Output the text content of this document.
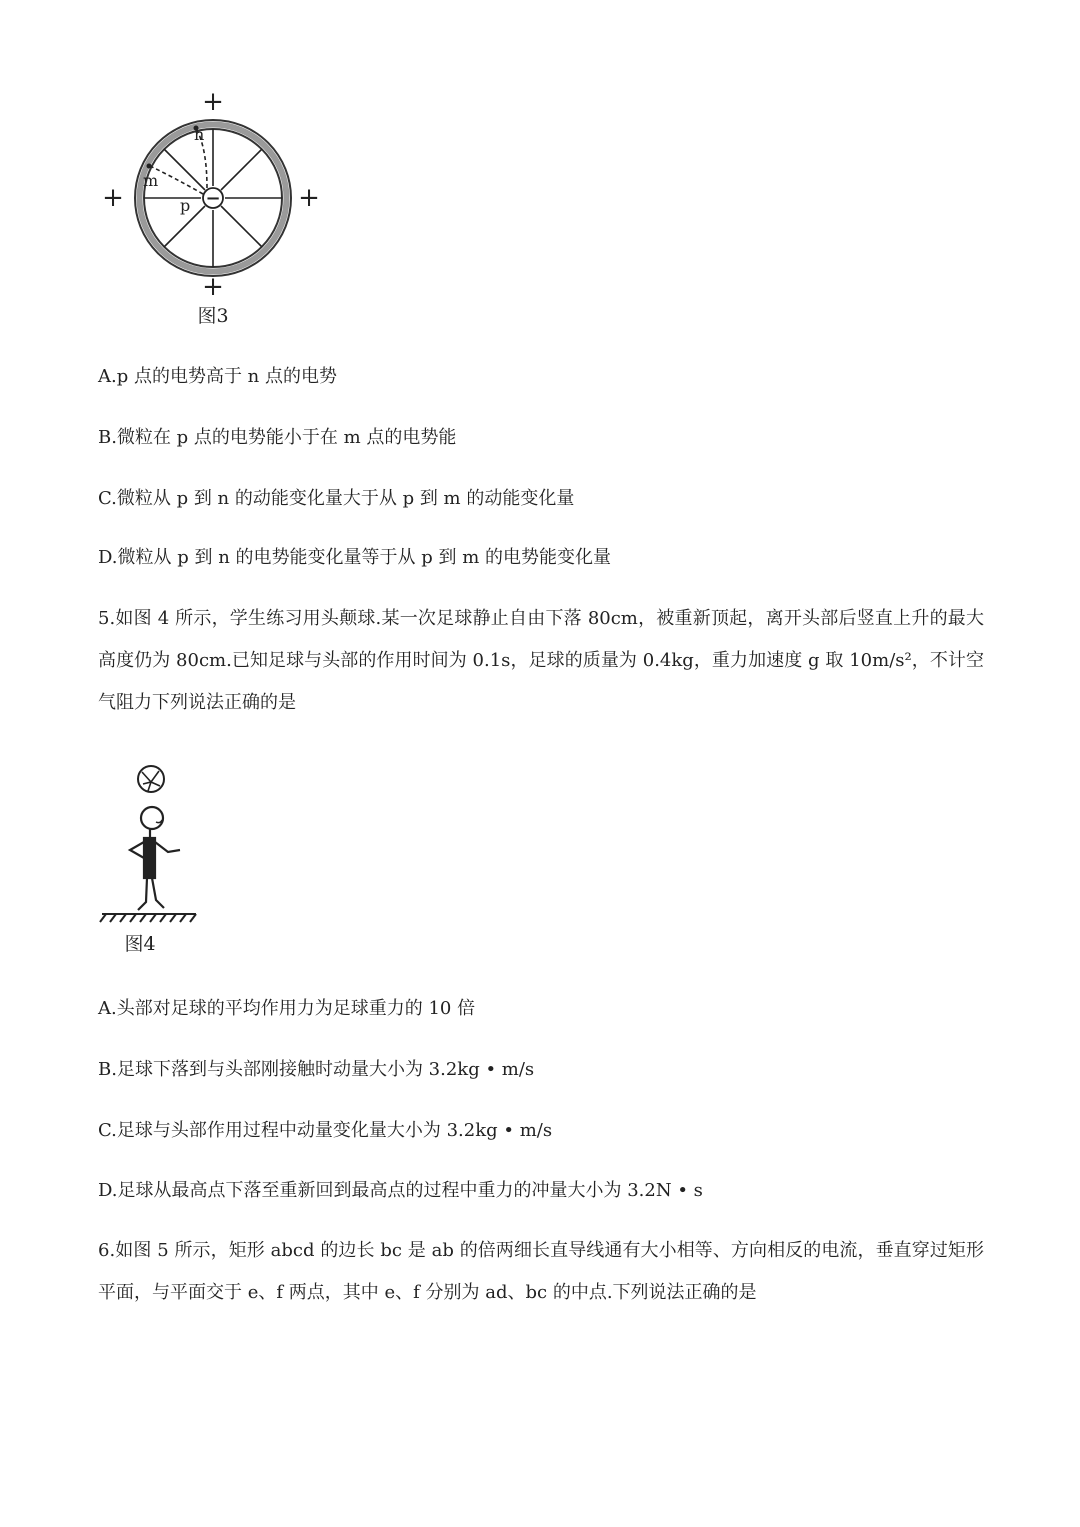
+
+	+
+
−
n
m
p
图3
A.p 点的电势高于 n 点的电势
B.微粒在 p 点的电势能小于在 m 点的电势能
C.微粒从 p 到 n 的动能变化量大于从 p 到 m 的动能变化量
D.微粒从 p 到 n 的电势能变化量等于从 p 到 m 的电势能变化量
5.如图 4 所示，学生练习用头颠球.某一次足球静止自由下落 80cm，被重新顶起，离开头部后竖直上升的最大高度仍为 80cm.已知足球与头部的作用时间为 0.1s，足球的质量为 0.4kg，重力加速度 g 取 10m/s²，不计空气阻力下列说法正确的是
图4
A.头部对足球的平均作用力为足球重力的 10 倍
B.足球下落到与头部刚接触时动量大小为 3.2kg • m/s
C.足球与头部作用过程中动量变化量大小为 3.2kg • m/s
D.足球从最高点下落至重新回到最高点的过程中重力的冲量大小为 3.2N • s
6.如图 5 所示，矩形 abcd 的边长 bc 是 ab 的倍两细长直导线通有大小相等、方向相反的电流，垂直穿过矩形平面，与平面交于 e、f 两点，其中 e、f 分别为 ad、bc 的中点.下列说法正确的是
